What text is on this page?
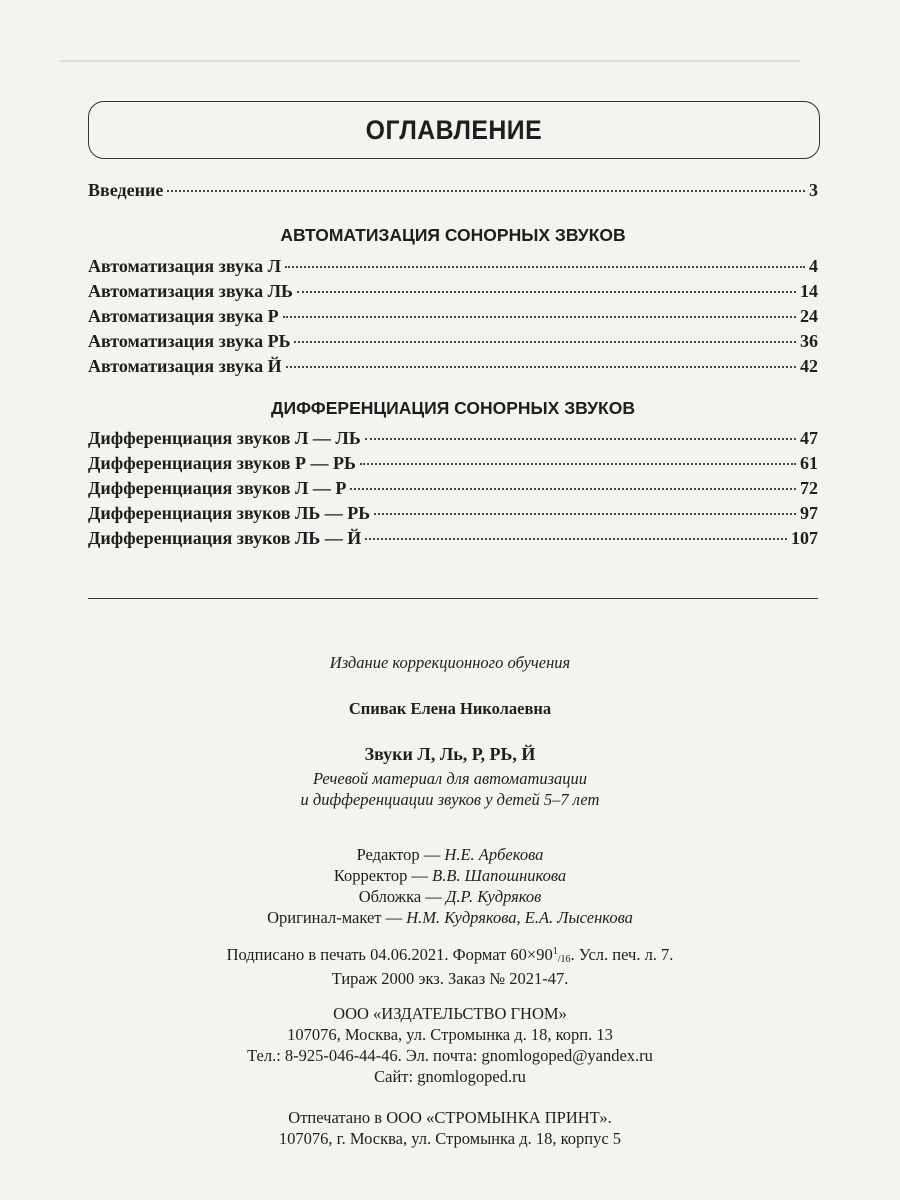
ОГЛАВЛЕНИЕ
Введение	3
АВТОМАТИЗАЦИЯ СОНОРНЫХ ЗВУКОВ
Автоматизация звука Л	4
Автоматизация звука ЛЬ	14
Автоматизация звука Р	24
Автоматизация звука РЬ	36
Автоматизация звука Й	42
ДИФФЕРЕНЦИАЦИЯ СОНОРНЫХ ЗВУКОВ
Дифференциация звуков Л — ЛЬ	47
Дифференциация звуков Р — РЬ	61
Дифференциация звуков Л — Р	72
Дифференциация звуков ЛЬ — РЬ	97
Дифференциация звуков ЛЬ — Й	107
Издание коррекционного обучения
Спивак Елена Николаевна
Звуки Л, Ль, Р, РЬ, Й
Речевой материал для автоматизации
и дифференциации звуков у детей 5–7 лет
Редактор — Н.Е. Арбекова
Корректор — В.В. Шапошникова
Обложка — Д.Р. Кудряков
Оригинал-макет — Н.М. Кудрякова, Е.А. Лысенкова
Подписано в печать 04.06.2021. Формат $60\times 90^1/16$. Усл. печ. л. 7.
Тираж 2000 экз. Заказ № 2021-47.
ООО «ИЗДАТЕЛЬСТВО ГНОМ»
107076, Москва, ул. Стромынка д. 18, корп. 13
Тел.: 8-925-046-44-46. Эл. почта: gnomlogoped@yandex.ru
Сайт: gnomlogoped.ru
Отпечатано в ООО «СТРОМЫНКА ПРИНТ».
107076, г. Москва, ул. Стромынка д. 18, корпус 5
